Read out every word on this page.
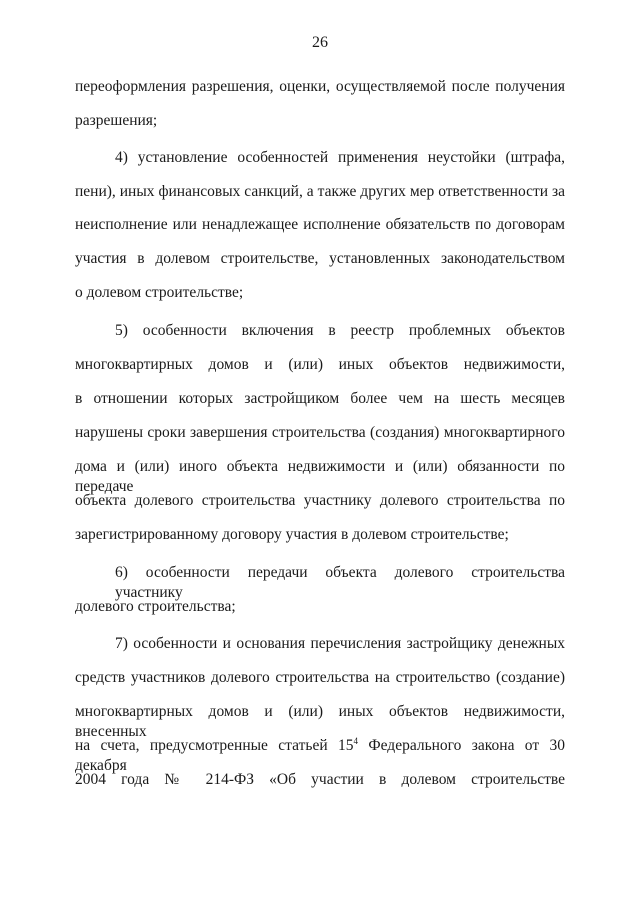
26
переоформления разрешения, оценки, осуществляемой после получения
разрешения;
4) установление особенностей применения неустойки (штрафа,
пени), иных финансовых санкций, а также других мер ответственности за
неисполнение или ненадлежащее исполнение обязательств по договорам
участия в долевом строительстве, установленных законодательством
о долевом строительстве;
5) особенности включения в реестр проблемных объектов
многоквартирных домов и (или) иных объектов недвижимости,
в отношении которых застройщиком более чем на шесть месяцев
нарушены сроки завершения строительства (создания) многоквартирного
дома и (или) иного объекта недвижимости и (или) обязанности по передаче
объекта долевого строительства участнику долевого строительства по
зарегистрированному договору участия в долевом строительстве;
6) особенности передачи объекта долевого строительства участнику
долевого строительства;
7) особенности и основания перечисления застройщику денежных
средств участников долевого строительства на строительство (создание)
многоквартирных домов и (или) иных объектов недвижимости, внесенных
на счета, предусмотренные статьей $15^4$ Федерального закона от 30 декабря
2004 года № 214-ФЗ «Об участии в долевом строительстве
